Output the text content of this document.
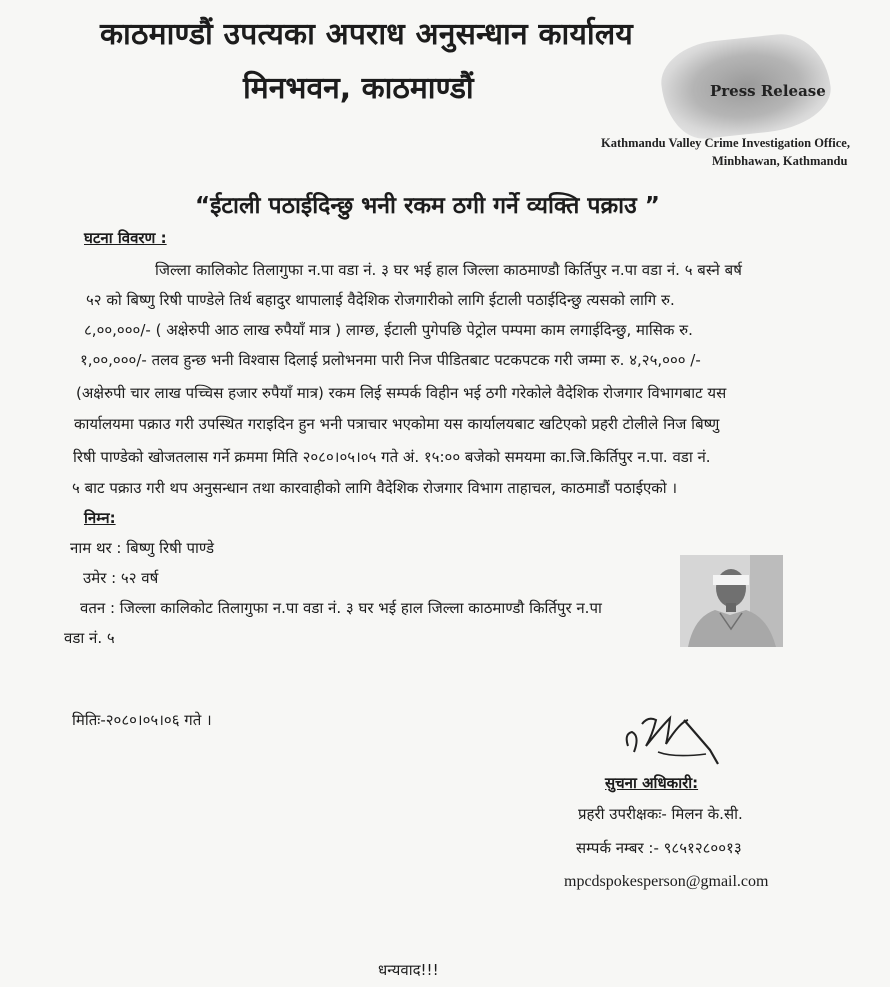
काठमाण्डौं उपत्यका अपराध अनुसन्धान कार्यालय
मिनभवन, काठमाण्डौं	Press Release
Kathmandu Valley Crime Investigation Office,
Minbhawan, Kathmandu
“ईटाली पठाईदिन्छु भनी रकम ठगी गर्ने व्यक्ति पक्राउ ”
घटना विवरण :
जिल्ला कालिकोट तिलागुफा न.पा वडा नं. ३ घर भई हाल जिल्ला काठमाण्डौ किर्तिपुर न.पा वडा नं. ५ बस्ने बर्ष
५२ को बिष्णु रिषी पाण्डेले तिर्थ बहादुर थापालाई वैदेशिक रोजगारीको लागि ईटाली पठाईदिन्छु त्यसको लागि रु.
८,००,०००/- ( अक्षेरुपी आठ लाख रुपैयाँ मात्र ) लाग्छ, ईटाली पुगेपछि पेट्रोल पम्पमा काम लगाईदिन्छु, मासिक रु.
१,००,०००/- तलव हुन्छ भनी विश्वास दिलाई प्रलोभनमा पारी निज पीडितबाट पटकपटक गरी जम्मा रु. ४,२५,००० /-
(अक्षेरुपी चार लाख पच्चिस हजार रुपैयाँ मात्र) रकम लिई सम्पर्क विहीन भई ठगी गरेकोले वैदेशिक रोजगार विभागबाट यस
कार्यालयमा पक्राउ गरी उपस्थित गराइदिन हुन भनी पत्राचार भएकोमा यस कार्यालयबाट खटिएको प्रहरी टोलीले निज बिष्णु
रिषी पाण्डेको खोजतलास गर्ने क्रममा मिति २०८०।०५।०५ गते अं. १५:०० बजेको समयमा का.जि.किर्तिपुर न.पा. वडा नं.
५ बाट पक्राउ गरी थप अनुसन्धान तथा कारवाहीको लागि वैदेशिक रोजगार विभाग ताहाचल, काठमाडौं पठाईएको ।
निम्न:
नाम थर : बिष्णु रिषी पाण्डे
उमेर : ५२ वर्ष
वतन : जिल्ला कालिकोट तिलागुफा न.पा वडा नं. ३ घर भई हाल जिल्ला काठमाण्डौ किर्तिपुर न.पा
वडा नं. ५
मितिः-२०८०।०५।०६ गते ।
सुचना अधिकारी:
प्रहरी उपरीक्षकः- मिलन के.सी.
सम्पर्क नम्बर :- ९८५१२८००१३
mpcdspokesperson@gmail.com
धन्यवाद!!!
